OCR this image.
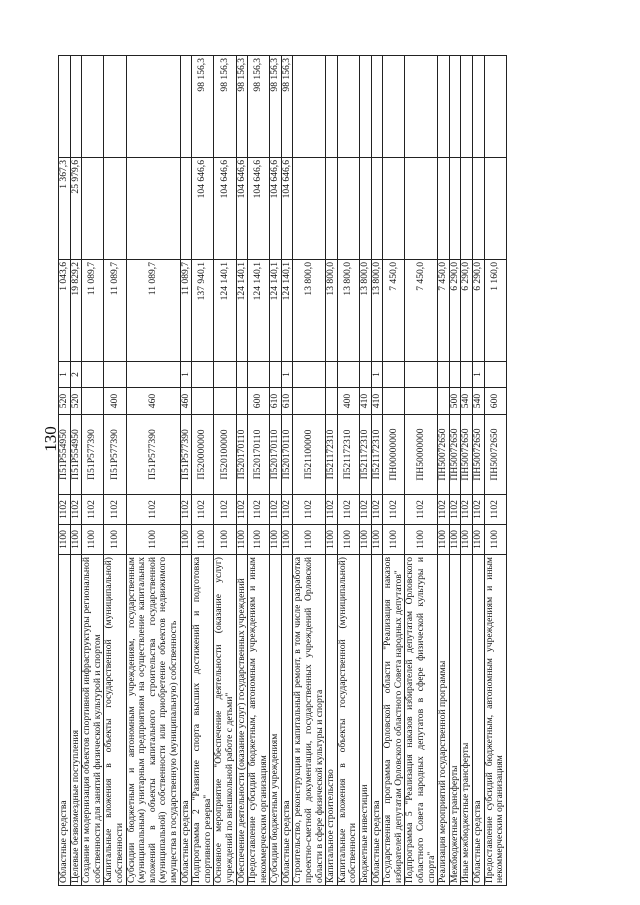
130
Областные средства	1100	1102	П51Р554950	520	1	1 043,6	1 367,3	
Целевые безвозмездные поступления	1100	1102	П51Р554950	520	2	19 829,2	25 979,6	
Создание и модернизация объектов спортивной инфраструктуры региональной собственности для занятий физической культурой и спортом	1100	1102	П51Р577390			11 089,7		
Капитальные вложения в объекты государственной (муниципальной) собственности	1100	1102	П51Р577390	400		11 089,7		
Субсидии бюджетным и автономным учреждениям, государственным (муниципальным) унитарным предприятиям на осуществление капитальных вложений в объекты капитального строительства государственной (муниципальной) собственности или приобретение объектов недвижимого имущества в государственную (муниципальную) собственность	1100	1102	П51Р577390	460		11 089,7		
Областные средства	1100	1102	П51Р577390	460	1	11 089,7		
Подпрограмма 2 "Развитие спорта высших достижений и подготовка спортивного резерва"	1100	1102	П520000000			137 940,1	104 646,6	98 156,3
Основное мероприятие "Обеспечение деятельности (оказание услуг) учреждений по внешкольной работе с детьми"	1100	1102	П520100000			124 140,1	104 646,6	98 156,3
Обеспечение деятельности (оказание услуг) государственных учреждений	1100	1102	П520170110			124 140,1	104 646,6	98 156,3
Предоставление субсидий бюджетным, автономным учреждениям и иным некоммерческим организациям	1100	1102	П520170110	600		124 140,1	104 646,6	98 156,3
Субсидии бюджетным учреждениям	1100	1102	П520170110	610		124 140,1	104 646,6	98 156,3
Областные средства	1100	1102	П520170110	610	1	124 140,1	104 646,6	98 156,3
Строительство, реконструкция и капитальный ремонт, в том числе разработка проектно-сметной документации, государственных учреждений Орловской области в сфере физической культуры и спорта	1100	1102	П521100000			13 800,0		
Капитальное строительство	1100	1102	П521172310			13 800,0		
Капитальные вложения в объекты государственной (муниципальной) собственности	1100	1102	П521172310	400		13 800,0		
Бюджетные инвестиции	1100	1102	П521172310	410		13 800,0		
Областные средства	1100	1102	П521172310	410	1	13 800,0		
Государственная программа Орловской области "Реализация наказов избирателей депутатам Орловского областного Совета народных депутатов"	1100	1102	ПН00000000			7 450,0		
Подпрограмма 5 "Реализация наказов избирателей депутатам Орловского областного Совета народных депутатов в сфере физической культуры и спорта"	1100	1102	ПН50000000			7 450,0		
Реализация мероприятий государственной программы	1100	1102	ПН50072650			7 450,0		
Межбюджетные трансферты	1100	1102	ПН50072650	500		6 290,0		
Иные межбюджетные трансферты	1100	1102	ПН50072650	540		6 290,0		
Областные средства	1100	1102	ПН50072650	540	1	6 290,0		
Предоставление субсидий бюджетным, автономным учреждениям и иным некоммерческим организациям	1100	1102	ПН50072650	600		1 160,0		
